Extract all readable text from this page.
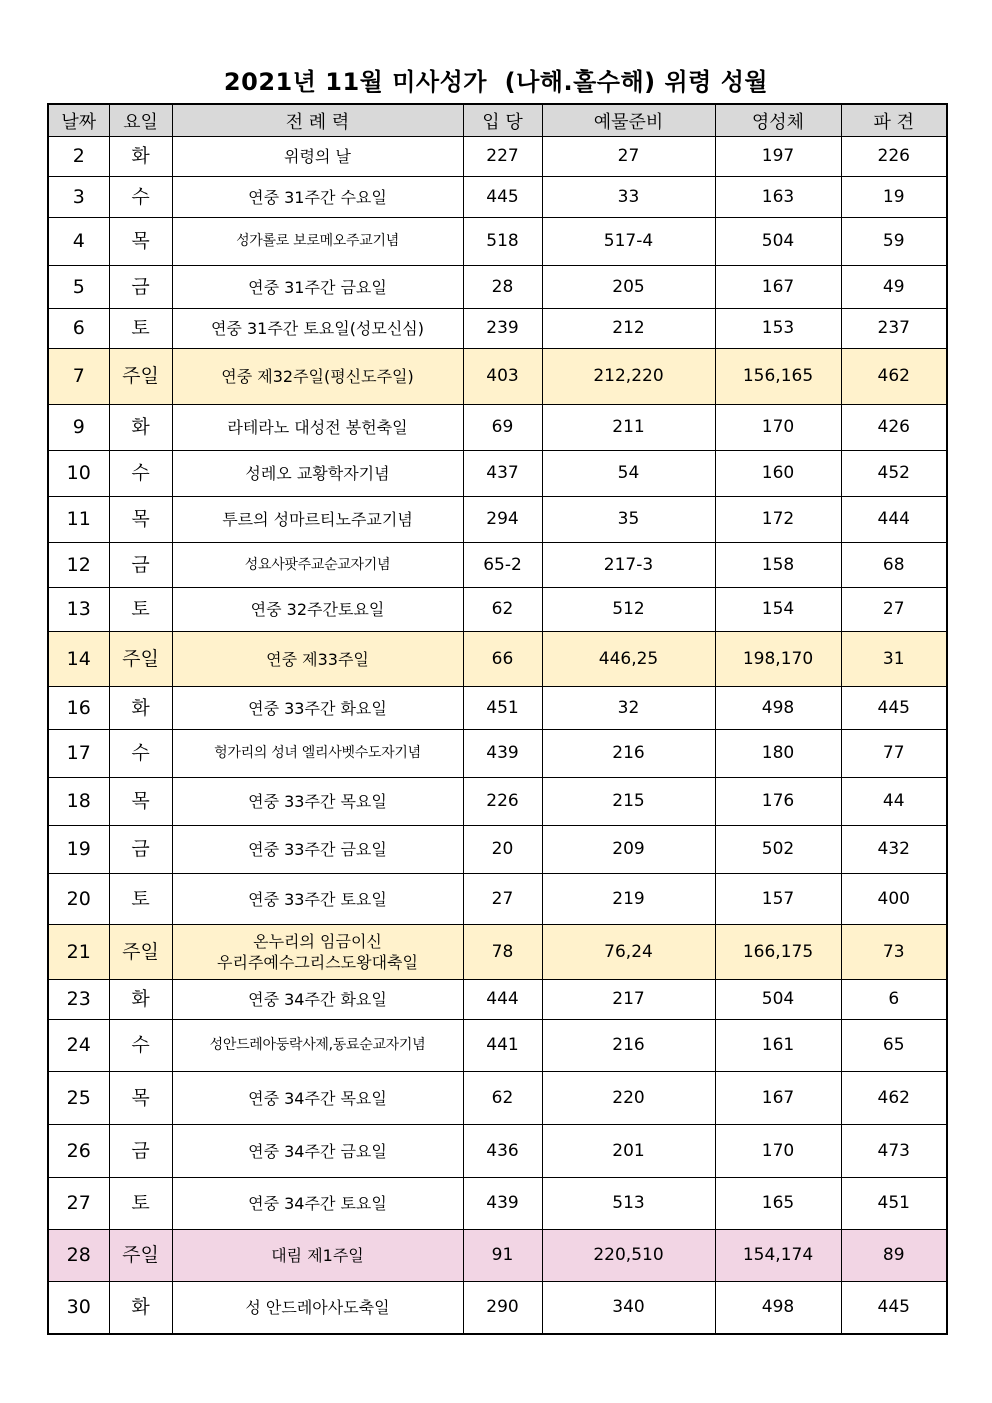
2021년 11월 미사성가  (나해.홀수해) 위령 성월
날짜	요일	전 례 력	입 당	예물준비	영성체	파 견
2	화	위령의 날	227	27	197	226
3	수	연중 31주간 수요일	445	33	163	19
4	목	성가롤로 보로메오주교기념	518	517-4	504	59
5	금	연중 31주간 금요일	28	205	167	49
6	토	연중 31주간 토요일(성모신심)	239	212	153	237
7	주일	연중 제32주일(평신도주일)	403	212,220	156,165	462
9	화	라테라노 대성전 봉헌축일	69	211	170	426
10	수	성레오 교황학자기념	437	54	160	452
11	목	투르의 성마르티노주교기념	294	35	172	444
12	금	성요사팟주교순교자기념	65-2	217-3	158	68
13	토	연중 32주간토요일	62	512	154	27
14	주일	연중 제33주일	66	446,25	198,170	31
16	화	연중 33주간 화요일	451	32	498	445
17	수	헝가리의 성녀 엘리사벳수도자기념	439	216	180	77
18	목	연중 33주간 목요일	226	215	176	44
19	금	연중 33주간 금요일	20	209	502	432
20	토	연중 33주간 토요일	27	219	157	400
21	주일	온누리의 임금이신
우리주예수그리스도왕대축일	78	76,24	166,175	73
23	화	연중 34주간 화요일	444	217	504	6
24	수	성안드레아둥락사제,동료순교자기념	441	216	161	65
25	목	연중 34주간 목요일	62	220	167	462
26	금	연중 34주간 금요일	436	201	170	473
27	토	연중 34주간 토요일	439	513	165	451
28	주일	대림 제1주일	91	220,510	154,174	89
30	화	성 안드레아사도축일	290	340	498	445
